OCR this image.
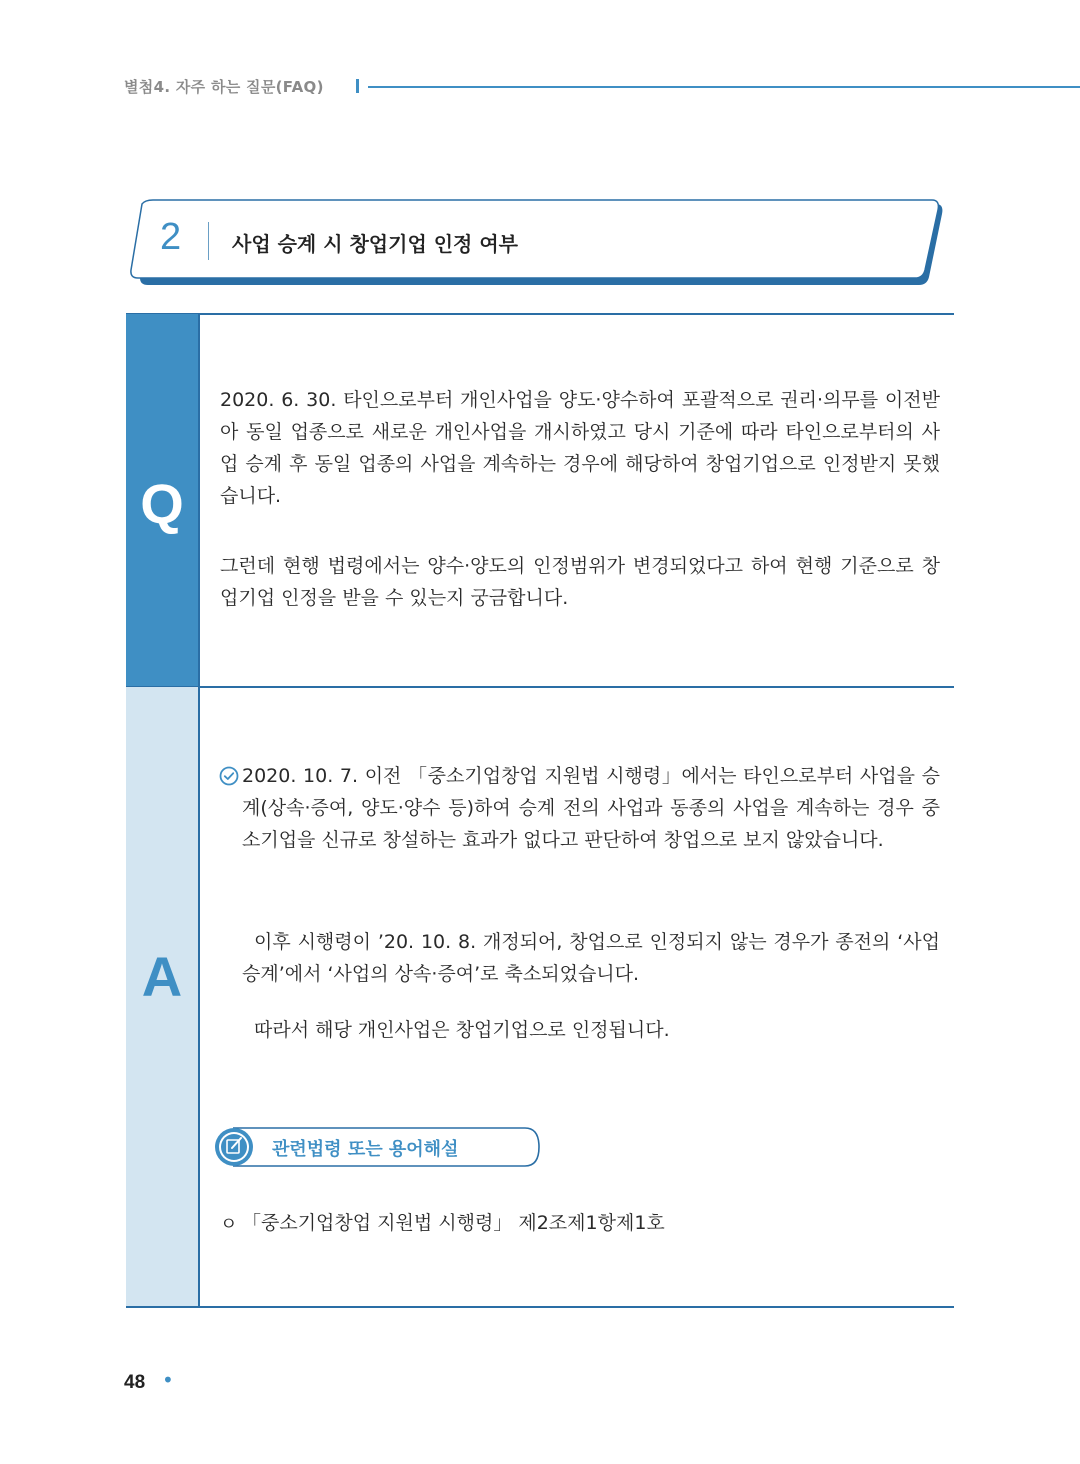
별첨4. 자주 하는 질문(FAQ)
2	사업 승계 시 창업기업 인정 여부
Q
2020. 6. 30. 타인으로부터 개인사업을 양도·양수하여 포괄적으로 권리·의무를 이전받아 동일 업종으로 새로운 개인사업을 개시하였고 당시 기준에 따라 타인으로부터의 사업 승계 후 동일 업종의 사업을 계속하는 경우에 해당하여 창업기업으로 인정받지 못했습니다.
그런데 현행 법령에서는 양수·양도의 인정범위가 변경되었다고 하여 현행 기준으로 창업기업 인정을 받을 수 있는지 궁금합니다.
A
2020. 10. 7. 이전 「중소기업창업 지원법 시행령」에서는 타인으로부터 사업을 승계(상속·증여, 양도·양수 등)하여 승계 전의 사업과 동종의 사업을 계속하는 경우 중소기업을 신규로 창설하는 효과가 없다고 판단하여 창업으로 보지 않았습니다.
이후 시행령이 ’20. 10. 8. 개정되어, 창업으로 인정되지 않는 경우가 종전의 ‘사업 승계’에서 ‘사업의 상속·증여’로 축소되었습니다.
따라서 해당 개인사업은 창업기업으로 인정됩니다.
관련법령 또는 용어해설
ㅇ 「중소기업창업 지원법 시행령」 제2조제1항제1호
48 •
